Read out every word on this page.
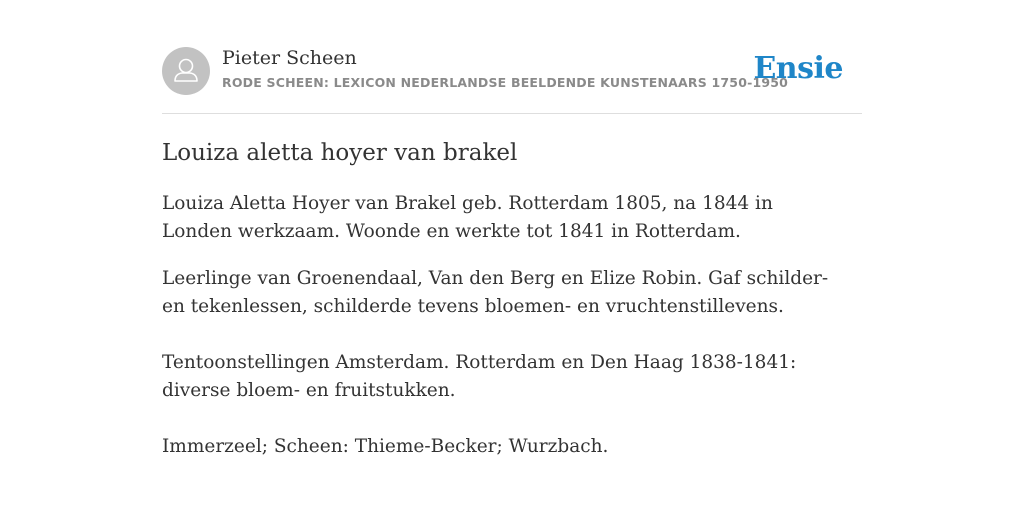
Pieter Scheen
RODE SCHEEN: LEXICON NEDERLANDSE BEELDENDE KUNSTENAARS 1750-1950
Ensie
Louiza aletta hoyer van brakel

Louiza Aletta Hoyer van Brakel geb. Rotterdam 1805, na 1844 in Londen werkzaam. Woonde en werkte tot 1841 in Rotterdam.

Leerlinge van Groenendaal, Van den Berg en Elize Robin. Gaf schilder- en tekenlessen, schilderde tevens bloemen- en vruchtenstillevens.

Tentoonstellingen Amsterdam. Rotterdam en Den Haag 1838-1841: diverse bloem- en fruitstukken.

Immerzeel; Scheen: Thieme-Becker; Wurzbach.
